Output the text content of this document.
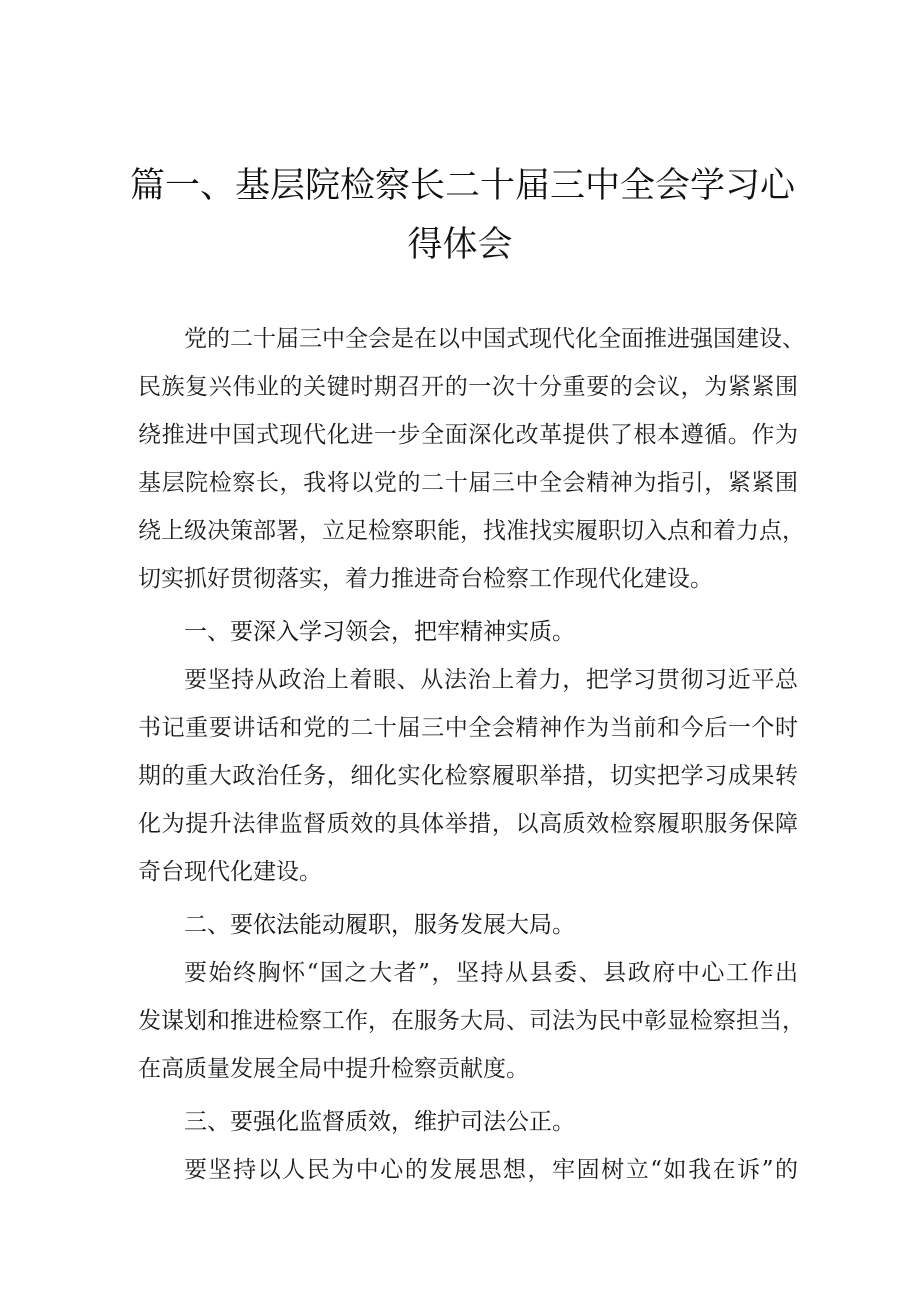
篇一、基层院检察长二十届三中全会学习心
得体会
党的二十届三中全会是在以中国式现代化全面推进强国建设、
民族复兴伟业的关键时期召开的一次十分重要的会议，为紧紧围
绕推进中国式现代化进一步全面深化改革提供了根本遵循。作为
基层院检察长，我将以党的二十届三中全会精神为指引，紧紧围
绕上级决策部署，立足检察职能，找准找实履职切入点和着力点，
切实抓好贯彻落实，着力推进奇台检察工作现代化建设。
一、要深入学习领会，把牢精神实质。
要坚持从政治上着眼、从法治上着力，把学习贯彻习近平总
书记重要讲话和党的二十届三中全会精神作为当前和今后一个时
期的重大政治任务，细化实化检察履职举措，切实把学习成果转
化为提升法律监督质效的具体举措，以高质效检察履职服务保障
奇台现代化建设。
二、要依法能动履职，服务发展大局。
要始终胸怀“国之大者”，坚持从县委、县政府中心工作出
发谋划和推进检察工作，在服务大局、司法为民中彰显检察担当，
在高质量发展全局中提升检察贡献度。
三、要强化监督质效，维护司法公正。
要坚持以人民为中心的发展思想，牢固树立“如我在诉”的
